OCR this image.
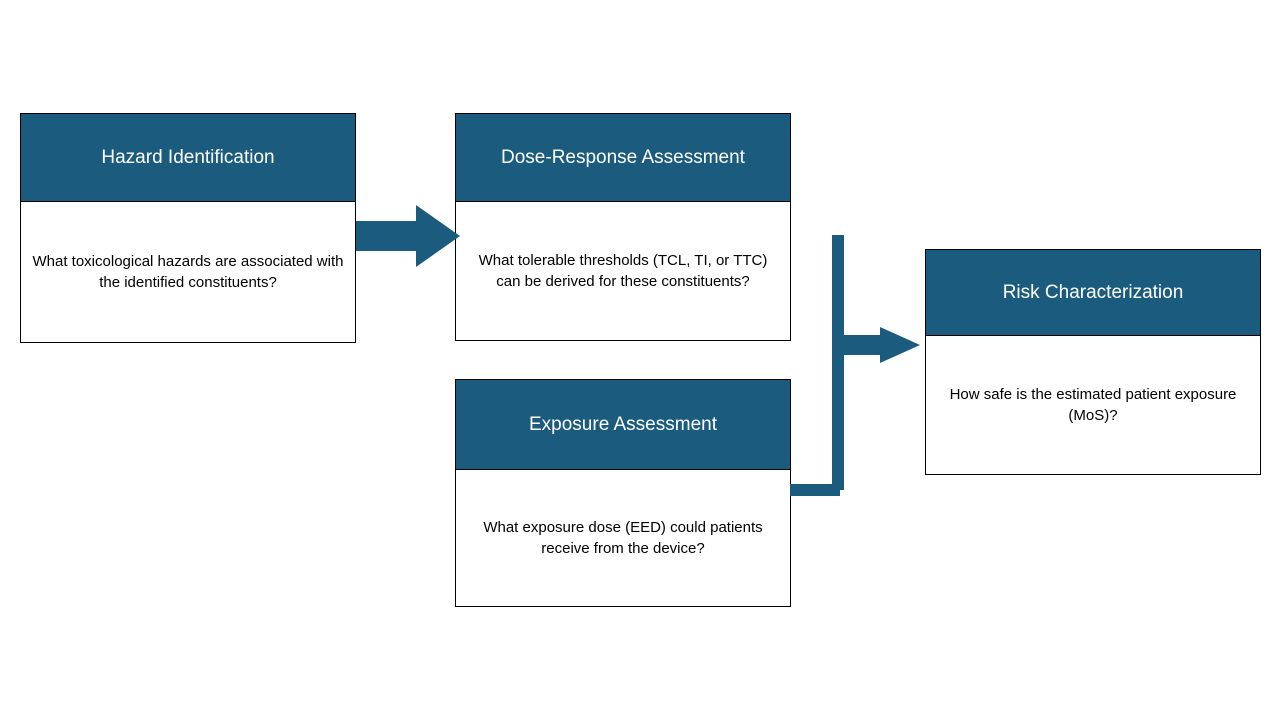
Hazard Identification
What toxicological hazards are associated with the identified constituents?
Dose-Response Assessment
What tolerable thresholds (TCL, TI, or TTC) can be derived for these constituents?
Exposure Assessment
What exposure dose (EED) could patients receive from the device?
Risk Characterization
How safe is the estimated patient exposure (MoS)?
